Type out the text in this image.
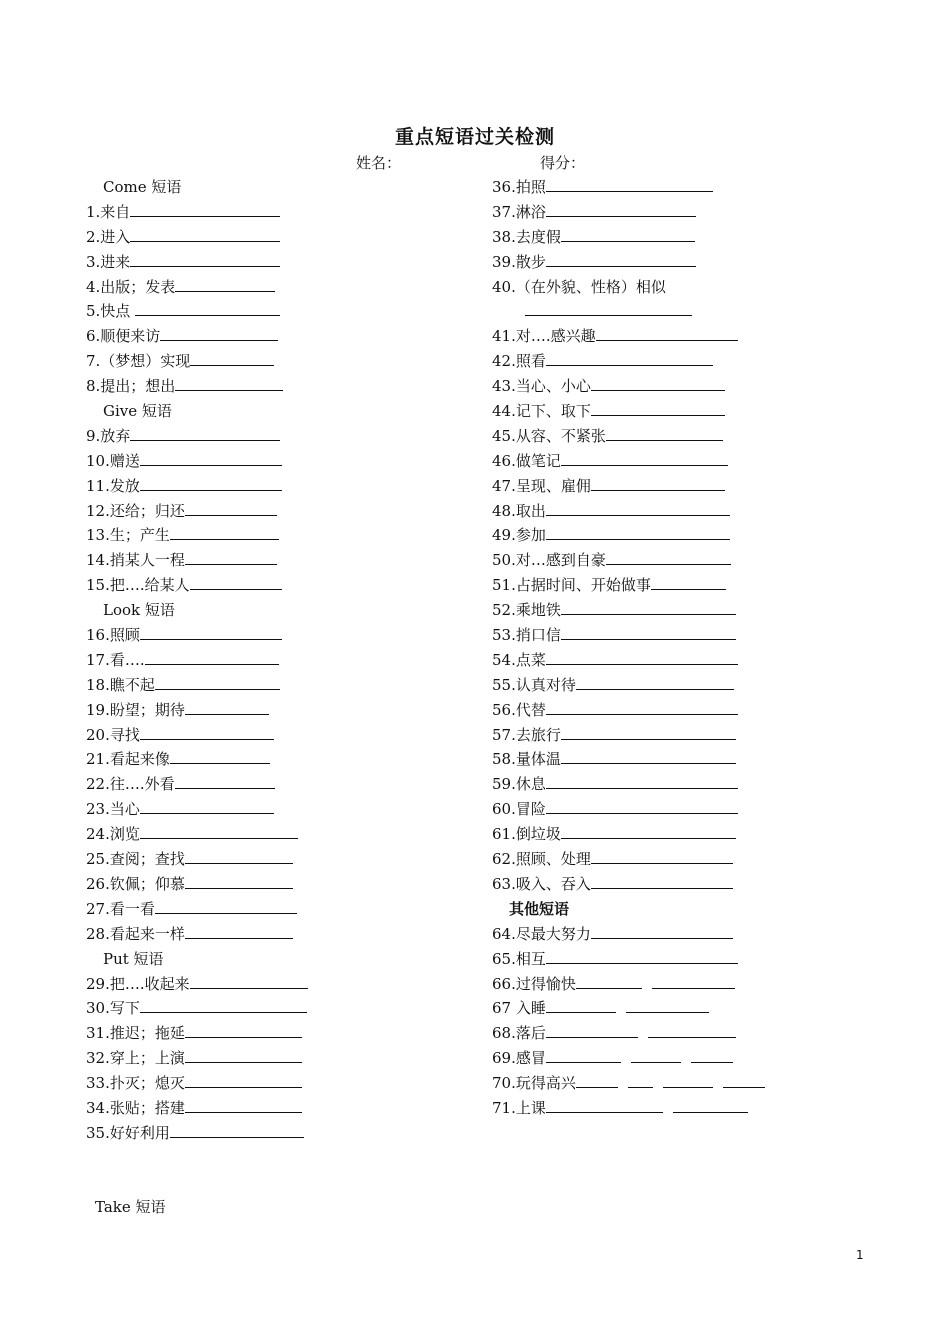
重点短语过关检测
姓名：	得分：
Come 短语
1.来自
2.进入
3.进来
4.出版；发表
5.快点
6.顺便来访
7.（梦想）实现
8.提出；想出
Give 短语
9.放弃
10.赠送
11.发放
12.还给；归还
13.生；产生
14.捎某人一程
15.把….给某人
Look 短语
16.照顾
17.看….
18.瞧不起
19.盼望；期待
20.寻找
21.看起来像
22.往….外看
23.当心
24.浏览
25.查阅；查找
26.钦佩；仰慕
27.看一看
28.看起来一样
Put 短语
29.把….收起来
30.写下
31.推迟；拖延
32.穿上；上演
33.扑灭；熄灭
34.张贴；搭建
35.好好利用
36.拍照
37.淋浴
38.去度假
39.散步
40.（在外貌、性格）相似
41.对….感兴趣
42.照看
43.当心、小心
44.记下、取下
45.从容、不紧张
46.做笔记
47.呈现、雇佣
48.取出
49.参加
50.对…感到自豪
51.占据时间、开始做事
52.乘地铁
53.捎口信
54.点菜
55.认真对待
56.代替
57.去旅行
58.量体温
59.休息
60.冒险
61.倒垃圾
62.照顾、处理
63.吸入、吞入
其他短语
64.尽最大努力
65.相互
66.过得愉快
67 入睡
68.落后
69.感冒
70.玩得高兴
71.上课
Take 短语
1
